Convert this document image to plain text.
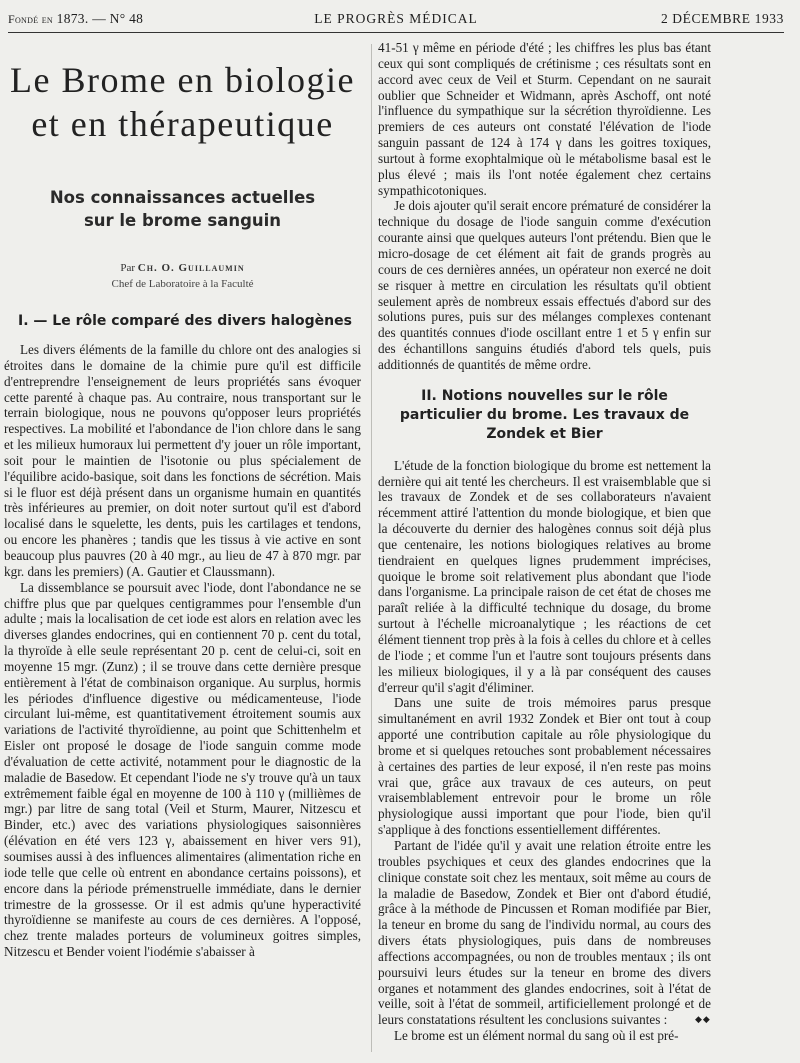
Fondé en 1873. — N° 48	LE PROGRÈS MÉDICAL	2 DÉCEMBRE 1933
Le Brome en biologie
et en thérapeutique
Nos connaissances actuelles sur le brome sanguin
Par Ch. O. Guillaumin
Chef de Laboratoire à la Faculté
I. — Le rôle comparé des divers halogènes

Les divers éléments de la famille du chlore ont des analogies si étroites dans le domaine de la chimie pure qu'il est difficile d'entreprendre l'enseignement de leurs propriétés sans évoquer cette parenté à chaque pas. Au contraire, nous transportant sur le terrain biologique, nous ne pouvons qu'opposer leurs propriétés respectives. La mobilité et l'abondance de l'ion chlore dans le sang et les milieux humoraux lui permettent d'y jouer un rôle important, soit pour le maintien de l'isotonie ou plus spécialement de l'équilibre acido-basique, soit dans les fonctions de sécrétion. Mais si le fluor est déjà présent dans un organisme humain en quantités très inférieures au premier, on doit noter surtout qu'il est d'abord localisé dans le squelette, les dents, puis les cartilages et tendons, ou encore les phanères ; tandis que les tissus à vie active en sont beaucoup plus pauvres (20 à 40 mgr., au lieu de 47 à 870 mgr. par kgr. dans les premiers) (A. Gautier et Claussmann).

La dissemblance se poursuit avec l'iode, dont l'abondance ne se chiffre plus que par quelques centigrammes pour l'ensemble d'un adulte ; mais la localisation de cet iode est alors en relation avec les diverses glandes endocrines, qui en contiennent 70 p. cent du total, la thyroïde à elle seule représentant 20 p. cent de celui-ci, soit en moyenne 15 mgr. (Zunz) ; il se trouve dans cette dernière presque entièrement à l'état de combinaison organique. Au surplus, hormis les périodes d'influence digestive ou médicamenteuse, l'iode circulant lui-même, est quantitativement étroitement soumis aux variations de l'activité thyroïdienne, au point que Schittenhelm et Eisler ont proposé le dosage de l'iode sanguin comme mode d'évaluation de cette activité, notamment pour le diagnostic de la maladie de Basedow. Et cependant l'iode ne s'y trouve qu'à un taux extrêmement faible égal en moyenne de 100 à 110 γ (millièmes de mgr.) par litre de sang total (Veil et Sturm, Maurer, Nitzescu et Binder, etc.) avec des variations physiologiques saisonnières (élévation en été vers 123 γ, abaissement en hiver vers 91), soumises aussi à des influences alimentaires (alimentation riche en iode telle que celle où entrent en abondance certains poissons), et encore dans la période prémenstruelle immédiate, dans le dernier trimestre de la grossesse. Or il est admis qu'une hyperactivité thyroïdienne se manifeste au cours de ces dernières. A l'opposé, chez trente malades porteurs de volumineux goitres simples, Nitzescu et Bender voient l'iodémie s'abaisser à

41-51 γ même en période d'été ; les chiffres les plus bas étant ceux qui sont compliqués de crétinisme ; ces résultats sont en accord avec ceux de Veil et Sturm. Cependant on ne saurait oublier que Schneider et Widmann, après Aschoff, ont noté l'influence du sympathique sur la sécrétion thyroïdienne. Les premiers de ces auteurs ont constaté l'élévation de l'iode sanguin passant de 124 à 174 γ dans les goitres toxiques, surtout à forme exophtalmique où le métabolisme basal est le plus élevé ; mais ils l'ont notée également chez certains sympathicotoniques.

Je dois ajouter qu'il serait encore prématuré de considérer la technique du dosage de l'iode sanguin comme d'exécution courante ainsi que quelques auteurs l'ont prétendu. Bien que le micro-dosage de cet élément ait fait de grands progrès au cours de ces dernières années, un opérateur non exercé ne doit se risquer à mettre en circulation les résultats qu'il obtient seulement après de nombreux essais effectués d'abord sur des solutions pures, puis sur des mélanges complexes contenant des quantités connues d'iode oscillant entre 1 et 5 γ enfin sur des échantillons sanguins étudiés d'abord tels quels, puis additionnés de quantités de même ordre.

II. Notions nouvelles sur le rôle particulier du brome. Les travaux de Zondek et Bier

L'étude de la fonction biologique du brome est nettement la dernière qui ait tenté les chercheurs. Il est vraisemblable que si les travaux de Zondek et de ses collaborateurs n'avaient récemment attiré l'attention du monde biologique, et bien que la découverte du dernier des halogènes connus soit déjà plus que centenaire, les notions biologiques relatives au brome tiendraient en quelques lignes prudemment imprécises, quoique le brome soit relativement plus abondant que l'iode dans l'organisme. La principale raison de cet état de choses me paraît reliée à la difficulté technique du dosage, du brome surtout à l'échelle microanalytique ; les réactions de cet élément tiennent trop près à la fois à celles du chlore et à celles de l'iode ; et comme l'un et l'autre sont toujours présents dans les milieux biologiques, il y a là par conséquent des causes d'erreur qu'il s'agit d'éliminer.

Dans une suite de trois mémoires parus presque simultanément en avril 1932 Zondek et Bier ont tout à coup apporté une contribution capitale au rôle physiologique du brome et si quelques retouches sont probablement nécessaires à certaines des parties de leur exposé, il n'en reste pas moins vrai que, grâce aux travaux de ces auteurs, on peut vraisemblablement entrevoir pour le brome un rôle physiologique aussi important que pour l'iode, bien qu'il s'applique à des fonctions essentiellement différentes.

Partant de l'idée qu'il y avait une relation étroite entre les troubles psychiques et ceux des glandes endocrines que la clinique constate soit chez les mentaux, soit même au cours de la maladie de Basedow, Zondek et Bier ont d'abord étudié, grâce à la méthode de Pincussen et Roman modifiée par Bier, la teneur en brome du sang de l'individu normal, au cours des divers états physiologiques, puis dans de nombreuses affections accompagnées, ou non de troubles mentaux ; ils ont poursuivi leurs études sur la teneur en brome des divers organes et notamment des glandes endocrines, soit à l'état de veille, soit à l'état de sommeil, artificiellement prolongé et de leurs constatations résultent les conclusions suivantes :

Le brome est un élément normal du sang où il est pré-

◆◆
